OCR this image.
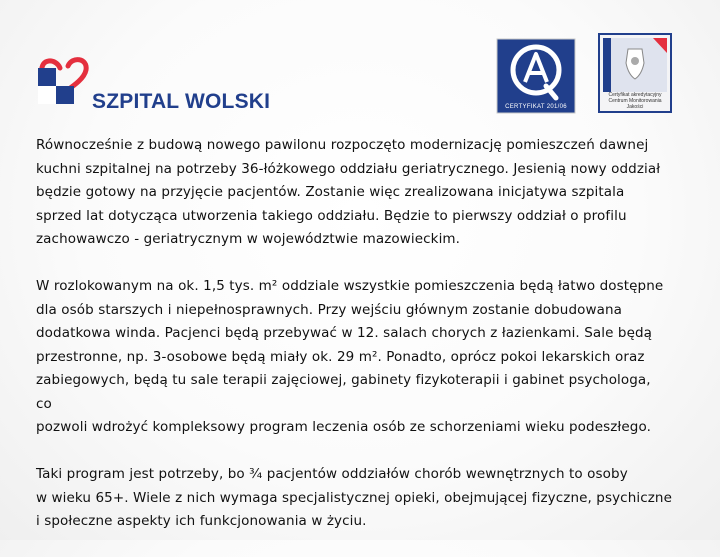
SZPITAL WOLSKI	CERTYFIKAT 201/06
Certyfikat akredytacyjny
Centrum Monitorowania Jakości

Równocześnie z budową nowego pawilonu rozpoczęto modernizację pomieszczeń dawnej
kuchni szpitalnej na potrzeby 36-łóżkowego oddziału geriatrycznego. Jesienią nowy oddział
będzie gotowy na przyjęcie pacjentów. Zostanie więc zrealizowana inicjatywa szpitala
sprzed lat dotycząca utworzenia takiego oddziału. Będzie to pierwszy oddział o profilu
zachowawczo - geriatrycznym w województwie mazowieckim.

W rozlokowanym na ok. 1,5 tys. m² oddziale wszystkie pomieszczenia będą łatwo dostępne
dla osób starszych i niepełnosprawnych. Przy wejściu głównym zostanie dobudowana
dodatkowa winda. Pacjenci będą przebywać w 12. salach chorych z łazienkami. Sale będą
przestronne, np. 3-osobowe będą miały ok. 29 m². Ponadto, oprócz pokoi lekarskich oraz
zabiegowych, będą tu sale terapii zajęciowej, gabinety fizykoterapii i gabinet psychologa,
co
pozwoli wdrożyć kompleksowy program leczenia osób ze schorzeniami wieku podeszłego.

Taki program jest potrzeby, bo ¾ pacjentów oddziałów chorób wewnętrznych to osoby
w wieku 65+. Wiele z nich wymaga specjalistycznej opieki, obejmującej fizyczne, psychiczne
i społeczne aspekty ich funkcjonowania w życiu.
